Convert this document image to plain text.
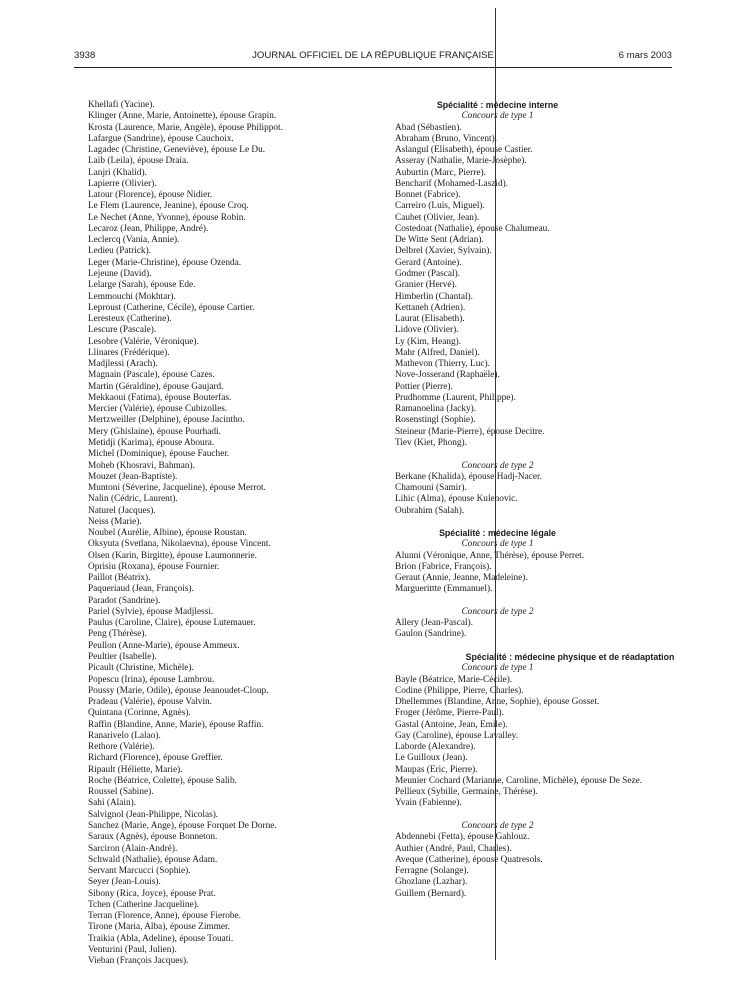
3938	JOURNAL OFFICIEL DE LA RÉPUBLIQUE FRANÇAISE	6 mars 2003
Khellafi (Yacine).
Klinger (Anne, Marie, Antoinette), épouse Grapin.
Krosta (Laurence, Marie, Angèle), épouse Philippot.
Lafargue (Sandrine), épouse Cauchoix.
Lagadec (Christine, Geneviève), épouse Le Du.
Laib (Leila), épouse Draia.
Lanjri (Khalid).
Lapierre (Olivier).
Latour (Florence), épouse Nidier.
Le Flem (Laurence, Jeanine), épouse Croq.
Le Nechet (Anne, Yvonne), épouse Robin.
Lecaroz (Jean, Philippe, André).
Leclercq (Vania, Annie).
Ledieu (Patrick).
Leger (Marie-Christine), épouse Ozenda.
Lejeune (David).
Lelarge (Sarah), épouse Ede.
Lemmouchi (Mokhtar).
Leproust (Catherine, Cécile), épouse Cartier.
Leresteux (Catherine).
Lescure (Pascale).
Lesobre (Valérie, Véronique).
Llinares (Frédérique).
Madjlessi (Arach).
Magnain (Pascale), épouse Cazes.
Martin (Géraldine), épouse Gaujard.
Mekkaoui (Fatima), épouse Bouterfas.
Mercier (Valérie), épouse Cubizolles.
Mertzweiller (Delphine), épouse Jacintho.
Mery (Ghislaine), épouse Pourhadi.
Metidji (Karima), épouse Aboura.
Michel (Dominique), épouse Faucher.
Moheb (Khosravi, Bahman).
Mouzet (Jean-Baptiste).
Muntoni (Séverine, Jacqueline), épouse Merrot.
Nalin (Cédric, Laurent).
Naturel (Jacques).
Neiss (Marie).
Noubel (Aurélie, Albine), épouse Roustan.
Oksyuta (Svetlana, Nikolaevna), épouse Vincent.
Olsen (Karin, Birgitte), épouse Laumonnerie.
Oprisiu (Roxana), épouse Fournier.
Paillot (Béatrix).
Paqueriaud (Jean, François).
Paradot (Sandrine).
Pariel (Sylvie), épouse Madjlessi.
Paulus (Caroline, Claire), épouse Lutemauer.
Peng (Thérèse).
Peullon (Anne-Marie), épouse Ammeux.
Peultier (Isabelle).
Picault (Christine, Michèle).
Popescu (Irina), épouse Lambrou.
Poussy (Marie, Odile), épouse Jeanoudet-Cloup.
Pradeau (Valérie), épouse Valvin.
Quintana (Corinne, Agnès).
Raffin (Blandine, Anne, Marie), épouse Raffin.
Ranarivelo (Lalao).
Rethore (Valérie).
Richard (Florence), épouse Greffier.
Ripault (Héliette, Marie).
Roche (Béatrice, Colette), épouse Salib.
Roussel (Sabine).
Sahi (Alain).
Salvignol (Jean-Philippe, Nicolas).
Sanchez (Marie, Ange), épouse Forquet De Dorne.
Saraux (Agnès), épouse Bonneton.
Sarciron (Alain-André).
Schwald (Nathalie), épouse Adam.
Servant Marcucci (Sophie).
Seyer (Jean-Louis).
Sibony (Rica, Joyce), épouse Prat.
Tchen (Catherine Jacqueline).
Terran (Florence, Anne), épouse Fierobe.
Tirone (Maria, Alba), épouse Zimmer.
Traikia (Abla, Adeline), épouse Touati.
Venturini (Paul, Julien).
Vieban (François Jacques).
Spécialité : médecine interne
Concours de type 1
Abad (Sébastien).
Abraham (Bruno, Vincent).
Aslangul (Elisabeth), épouse Castier.
Asseray (Nathalie, Marie-Josèphe).
Auburtin (Marc, Pierre).
Bencharif (Mohamed-Laszid).
Bonnet (Fabrice).
Carreiro (Luis, Miguel).
Caubet (Olivier, Jean).
Costedoat (Nathalie), épouse Chalumeau.
De Witte Sent (Adrian).
Delbrel (Xavier, Sylvain).
Gerard (Antoine).
Godmer (Pascal).
Granier (Hervé).
Himberlin (Chantal).
Kettaneh (Adrien).
Laurat (Elisabeth).
Lidove (Olivier).
Ly (Kim, Heang).
Mahr (Alfred, Daniel).
Mathevon (Thierry, Luc).
Nove-Josserand (Raphaële).
Pottier (Pierre).
Prudhomme (Laurent, Philippe).
Ramanoelina (Jacky).
Rosenstingl (Sophie).
Steineur (Marie-Pierre), épouse Decitre.
Tiev (Kiet, Phong).
Concours de type 2
Berkane (Khalida), épouse Hadj-Nacer.
Chamouni (Samir).
Lihic (Alma), épouse Kulenovic.
Oubrahim (Salah).
Spécialité : médecine légale
Concours de type 1
Alunni (Véronique, Anne, Thérèse), épouse Perret.
Brion (Fabrice, François).
Geraut (Annie, Jeanne, Madeleine).
Marguerittte (Emmanuel).
Concours de type 2
Allery (Jean-Pascal).
Gaulon (Sandrine).
Spécialité : médecine physique et de réadaptation
Concours de type 1
Bayle (Béatrice, Marie-Cécile).
Codine (Philippe, Pierre, Charles).
Dhellemmes (Blandine, Anne, Sophie), épouse Gosset.
Froger (Jérôme, Pierre-Paul).
Gastal (Antoine, Jean, Emile).
Gay (Caroline), épouse Lavalley.
Laborde (Alexandre).
Le Guilloux (Jean).
Maupas (Eric, Pierre).
Meunier Cochard (Marianne, Caroline, Michèle), épouse De Seze.
Pellieux (Sybille, Germaine, Thérèse).
Yvain (Fabienne).
Concours de type 2
Abdennebi (Fetta), épouse Gahlouz.
Authier (André, Paul, Charles).
Aveque (Catherine), épouse Quatresols.
Ferragne (Solange).
Ghozlane (Lazhar).
Guillem (Bernard).
